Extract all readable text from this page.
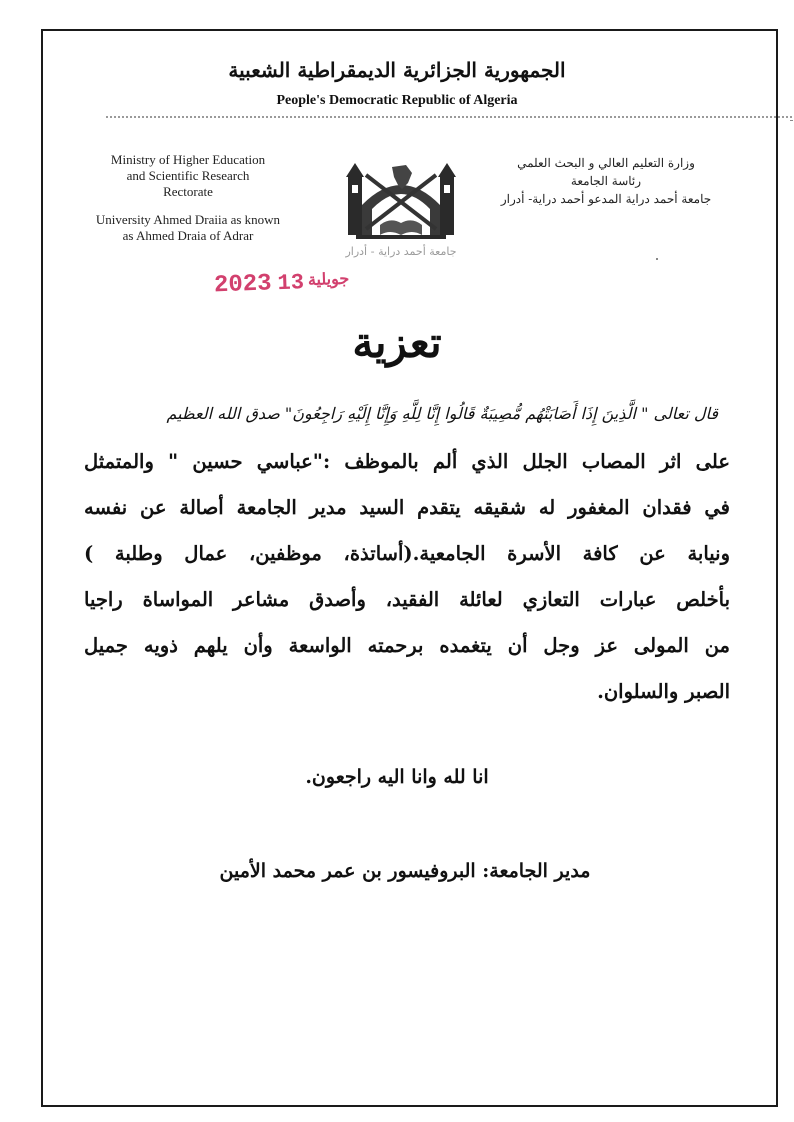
الجمهورية الجزائرية الديمقراطية الشعبية
People's Democratic Republic of Algeria
Ministry of Higher Education
and Scientific Research
Rectorate
University Ahmed Draiia as known
as Ahmed Draia of Adrar
وزارة التعليم العالي و البحث العلمي
رئاسة الجامعة
جامعة أحمد دراية المدعو أحمد دراية- أدرار
جامعة أحمد دراية - أدرار
2023 جويلية13
تعزية
قال تعالى " الَّذِينَ إِذَا أَصَابَتْهُم مُّصِيبَةٌ قَالُوا إِنَّا لِلَّهِ وَإِنَّا إِلَيْهِ رَاجِعُونَ" صدق الله العظيم
على اثر المصاب الجلل الذي ألم بالموظف :"عباسي حسين " والمتمثل
في فقدان المغفور له شقيقه يتقدم السيد مدير الجامعة أصالة عن نفسه
ونيابة عن كافة الأسرة الجامعية.(أساتذة، موظفين، عمال وطلبة )
بأخلص عبارات التعازي لعائلة الفقيد، وأصدق مشاعر المواساة راجيا
من المولى عز وجل أن يتغمده برحمته الواسعة وأن يلهم ذويه جميل
الصبر والسلوان.
انا لله وانا اليه راجعون.
مدير الجامعة: البروفيسور بن عمر محمد الأمين
